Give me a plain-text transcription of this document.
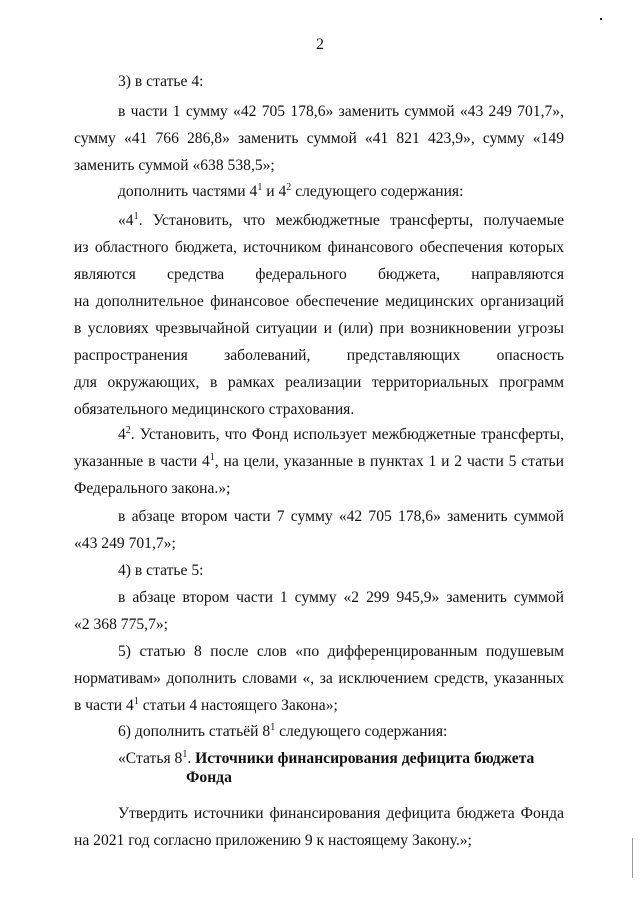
2

3) в статье 4:

в части 1 сумму «42 705 178,6» заменить суммой «43 249 701,7»,
сумму «41 766 286,8» заменить суммой «41 821 423,9», сумму «149
заменить суммой «638 538,5»;

дополнить частями $4^1$ и $4^2$ следующего содержания:

«$4^1$. Установить, что межбюджетные трансферты, получаемые
из областного бюджета, источником финансового обеспечения которых
являются средства федерального бюджета, направляются
на дополнительное финансовое обеспечение медицинских организаций
в условиях чрезвычайной ситуации и (или) при возникновении угрозы
распространения заболеваний, представляющих опасность
для окружающих, в рамках реализации территориальных программ
обязательного медицинского страхования.

$4^2$. Установить, что Фонд использует межбюджетные трансферты,
указанные в части $4^1$, на цели, указанные в пунктах 1 и 2 части 5 статьи
Федерального закона.»;

в абзаце втором части 7 сумму «42 705 178,6» заменить суммой
«43 249 701,7»;

4) в статье 5:

в абзаце втором части 1 сумму «2 299 945,9» заменить суммой
«2 368 775,7»;

5) статью 8 после слов «по дифференцированным подушевым
нормативам» дополнить словами «, за исключением средств, указанных
в части $4^1$ статьи 4 настоящего Закона»;

6) дополнить статьёй $8^1$ следующего содержания:

«Статья $8^1$. Источники финансирования дефицита бюджета
Фонда

Утвердить источники финансирования дефицита бюджета Фонда
на 2021 год согласно приложению 9 к настоящему Закону.»;
